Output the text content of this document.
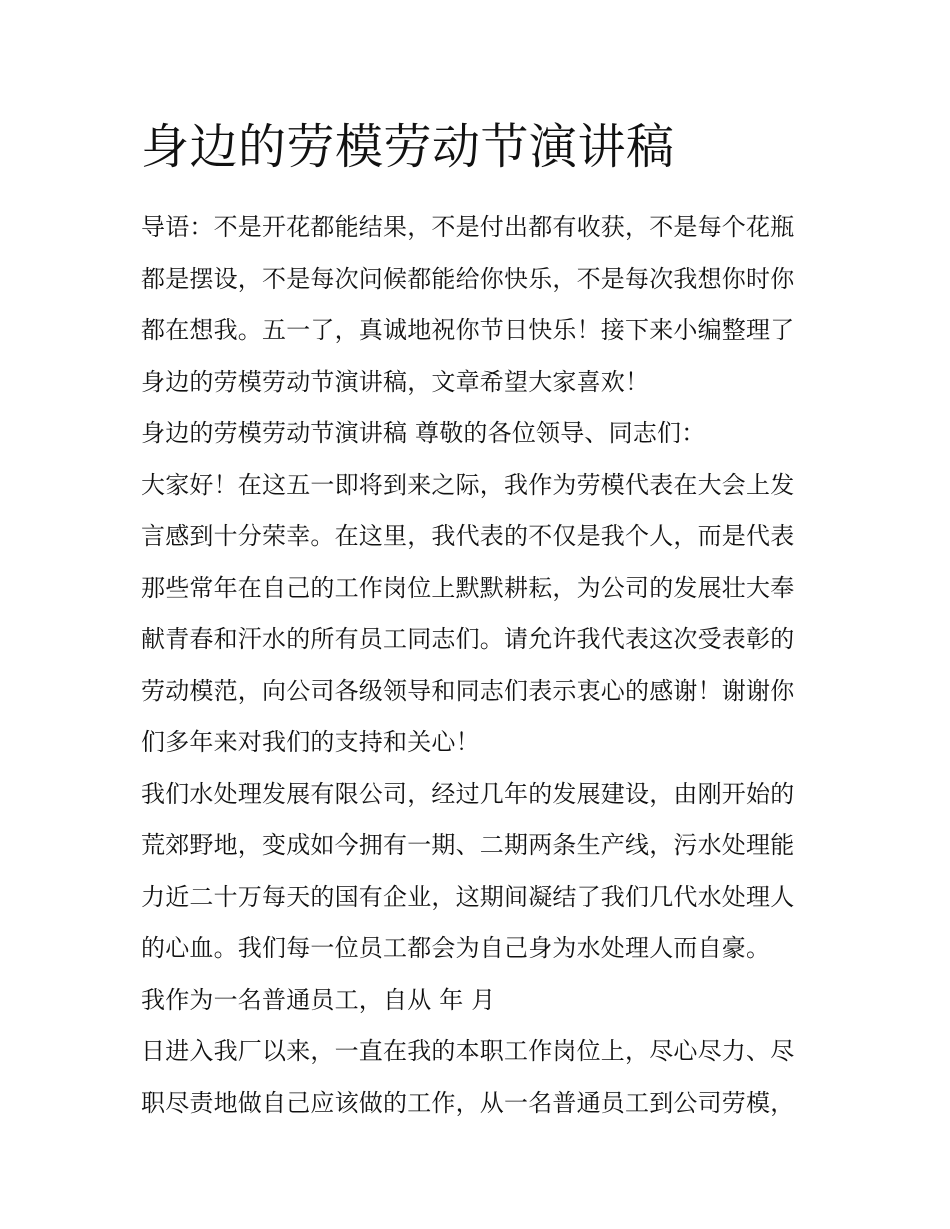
身边的劳模劳动节演讲稿
导语：不是开花都能结果，不是付出都有收获，不是每个花瓶
都是摆设，不是每次问候都能给你快乐，不是每次我想你时你
都在想我。五一了，真诚地祝你节日快乐！接下来小编整理了
身边的劳模劳动节演讲稿，文章希望大家喜欢！
身边的劳模劳动节演讲稿 尊敬的各位领导、同志们：
大家好！在这五一即将到来之际，我作为劳模代表在大会上发
言感到十分荣幸。在这里，我代表的不仅是我个人，而是代表
那些常年在自己的工作岗位上默默耕耘，为公司的发展壮大奉
献青春和汗水的所有员工同志们。请允许我代表这次受表彰的
劳动模范，向公司各级领导和同志们表示衷心的感谢！谢谢你
们多年来对我们的支持和关心！
我们水处理发展有限公司，经过几年的发展建设，由刚开始的
荒郊野地，变成如今拥有一期、二期两条生产线，污水处理能
力近二十万每天的国有企业，这期间凝结了我们几代水处理人
的心血。我们每一位员工都会为自己身为水处理人而自豪。
我作为一名普通员工，自从 年 月
日进入我厂以来，一直在我的本职工作岗位上，尽心尽力、尽
职尽责地做自己应该做的工作，从一名普通员工到公司劳模，
